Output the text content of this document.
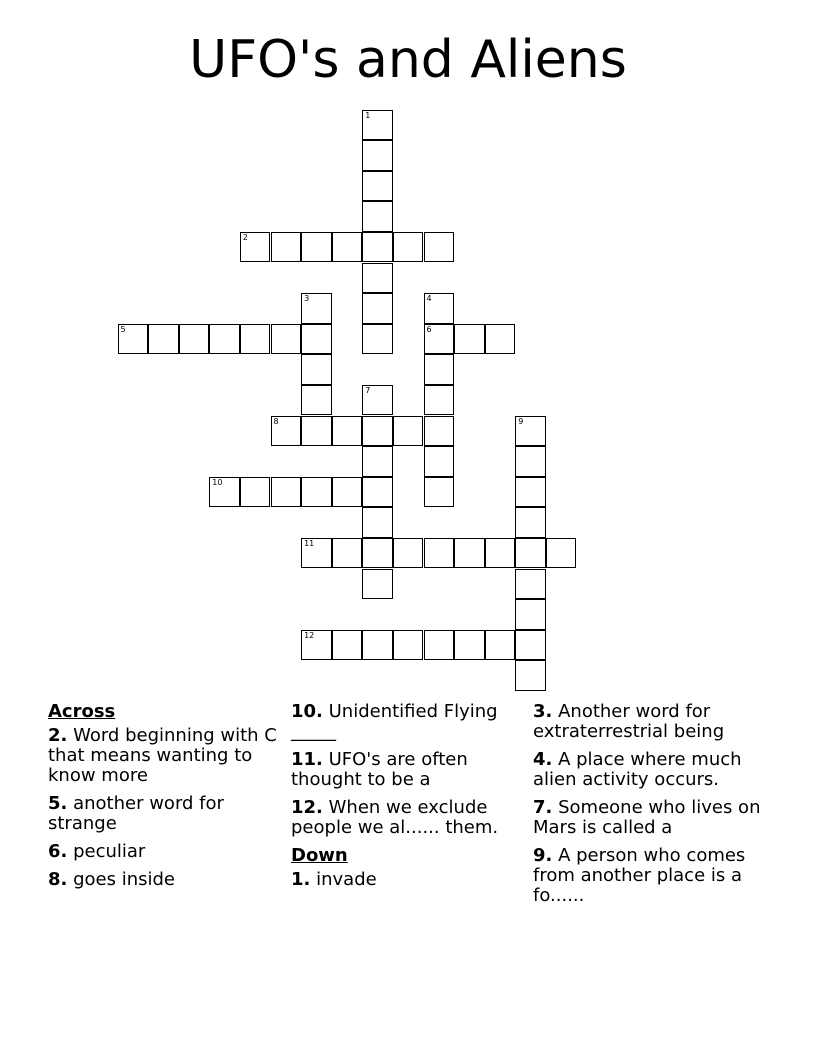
UFO's and Aliens
1
2
3	4
6
5
7
8	9
10
11
12
Across
2. Word beginning with C that means wanting to know more
5. another word for strange
6. peculiar
8. goes inside
10. Unidentified Flying _____
11. UFO's are often thought to be a
12. When we exclude people we al...... them.
Down
1. invade
3. Another word for extraterrestrial being
4. A place where much alien activity occurs.
7. Someone who lives on Mars is called a
9. A person who comes from another place is a fo......
